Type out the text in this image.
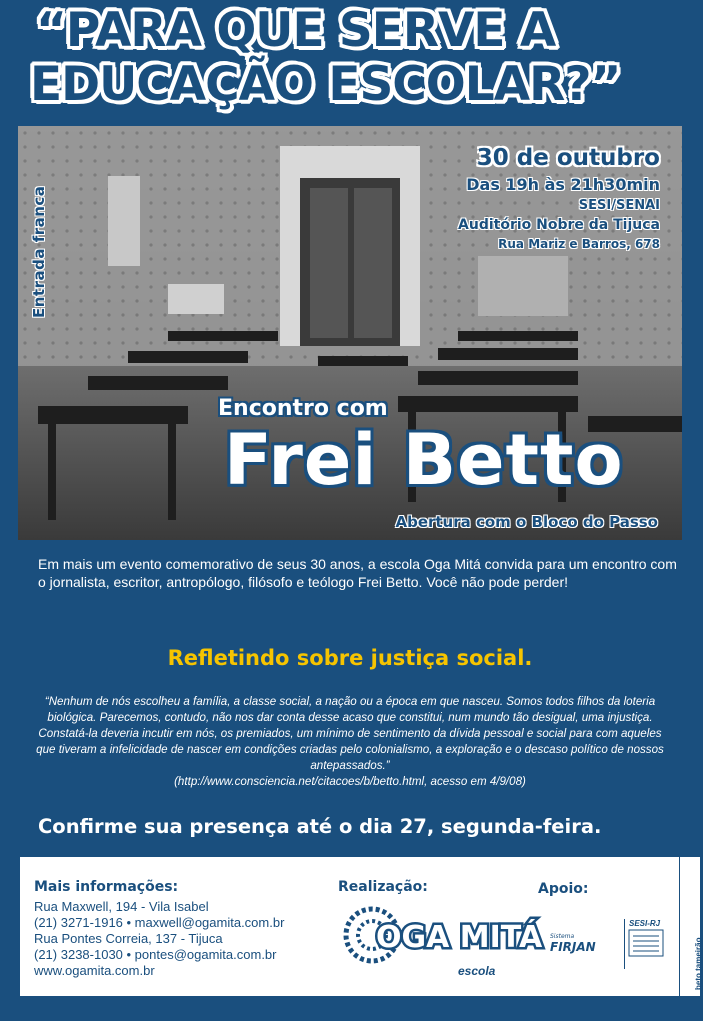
“PARA QUE SERVE A
EDUCAÇÃO ESCOLAR?”
Entrada franca
30 de outubro
Das 19h às 21h30min
SESI/SENAI
Auditório Nobre da Tijuca
Rua Mariz e Barros, 678
Encontro com
Frei Betto
Abertura com o Bloco do Passo

Em mais um evento comemorativo de seus 30 anos, a escola Oga Mitá convida para um encontro com o jornalista, escritor, antropólogo, filósofo e teólogo Frei Betto. Você não pode perder!

Refletindo sobre justiça social.
“Nenhum de nós escolheu a família, a classe social, a nação ou a época em que nasceu. Somos todos filhos da loteria biológica. Parecemos, contudo, não nos dar conta desse acaso que constitui, num mundo tão desigual, uma injustiça. Constatá-la deveria incutir em nós, os premiados, um mínimo de sentimento da dívida pessoal e social para com aqueles que tiveram a infelicidade de nascer em condições criadas pelo colonialismo, a exploração e o descaso político de nossos antepassados.”
(http://www.consciencia.net/citacoes/b/betto.html, acesso em 4/9/08)
Confirme sua presença até o dia 27, segunda-feira.
Mais informações:
Rua Maxwell, 194 - Vila Isabel
(21) 3271-1916 • maxwell@ogamita.com.br
Rua Pontes Correia, 137 - Tijuca
(21) 3238-1030 • pontes@ogamita.com.br
www.ogamita.com.br
Realização:
OGA MITÁ
escola
Apoio:
Sistema
FIRJAN
SESI-RJ
beto tameirão
